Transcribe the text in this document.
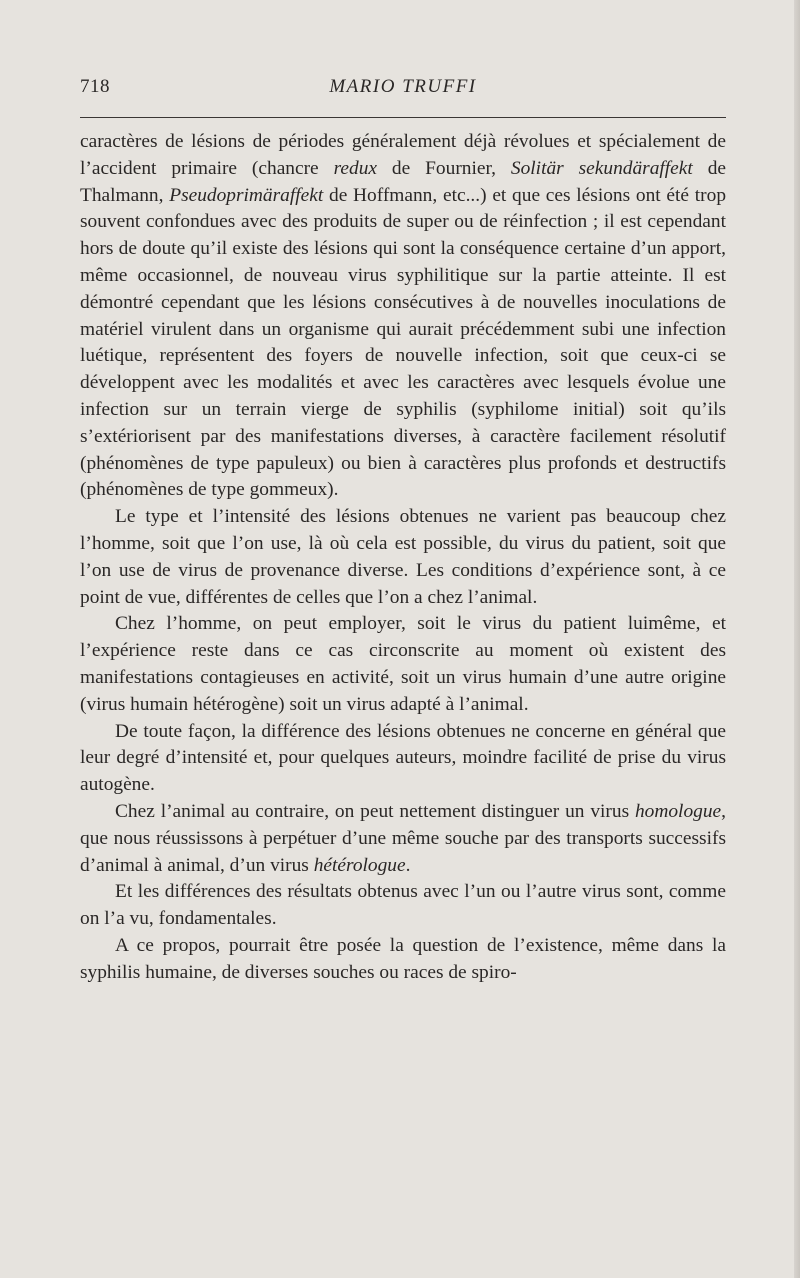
718	MARIO TRUFFI

caractères de lésions de périodes généralement déjà révolues et spécialement de l’accident primaire (chancre redux de Fournier, Solitär sekundäraffekt de Thalmann, Pseudoprimäraffekt de Hoffmann, etc...) et que ces lésions ont été trop souvent confondues avec des produits de super ou de réinfection ; il est cependant hors de doute qu’il existe des lésions qui sont la conséquence certaine d’un apport, même occasionnel, de nouveau virus syphilitique sur la partie atteinte. Il est démontré cependant que les lésions consécutives à de nouvelles inoculations de matériel virulent dans un organisme qui aurait précédemment subi une infection luétique, représentent des foyers de nouvelle infection, soit que ceux-ci se développent avec les modalités et avec les caractères avec lesquels évolue une infection sur un terrain vierge de syphilis (syphilome initial) soit qu’ils s’extériorisent par des manifestations diverses, à caractère facilement résolutif (phénomènes de type papuleux) ou bien à caractères plus profonds et destructifs (phénomènes de type gommeux).

Le type et l’intensité des lésions obtenues ne varient pas beaucoup chez l’homme, soit que l’on use, là où cela est possible, du virus du patient, soit que l’on use de virus de provenance diverse. Les conditions d’expérience sont, à ce point de vue, différentes de celles que l’on a chez l’animal.

Chez l’homme, on peut employer, soit le virus du patient luimême, et l’expérience reste dans ce cas circonscrite au moment où existent des manifestations contagieuses en activité, soit un virus humain d’une autre origine (virus humain hétérogène) soit un virus adapté à l’animal.

De toute façon, la différence des lésions obtenues ne concerne en général que leur degré d’intensité et, pour quelques auteurs, moindre facilité de prise du virus autogène.

Chez l’animal au contraire, on peut nettement distinguer un virus homologue, que nous réussissons à perpétuer d’une même souche par des transports successifs d’animal à animal, d’un virus hétérologue.

Et les différences des résultats obtenus avec l’un ou l’autre virus sont, comme on l’a vu, fondamentales.

A ce propos, pourrait être posée la question de l’existence, même dans la syphilis humaine, de diverses souches ou races de spiro-
